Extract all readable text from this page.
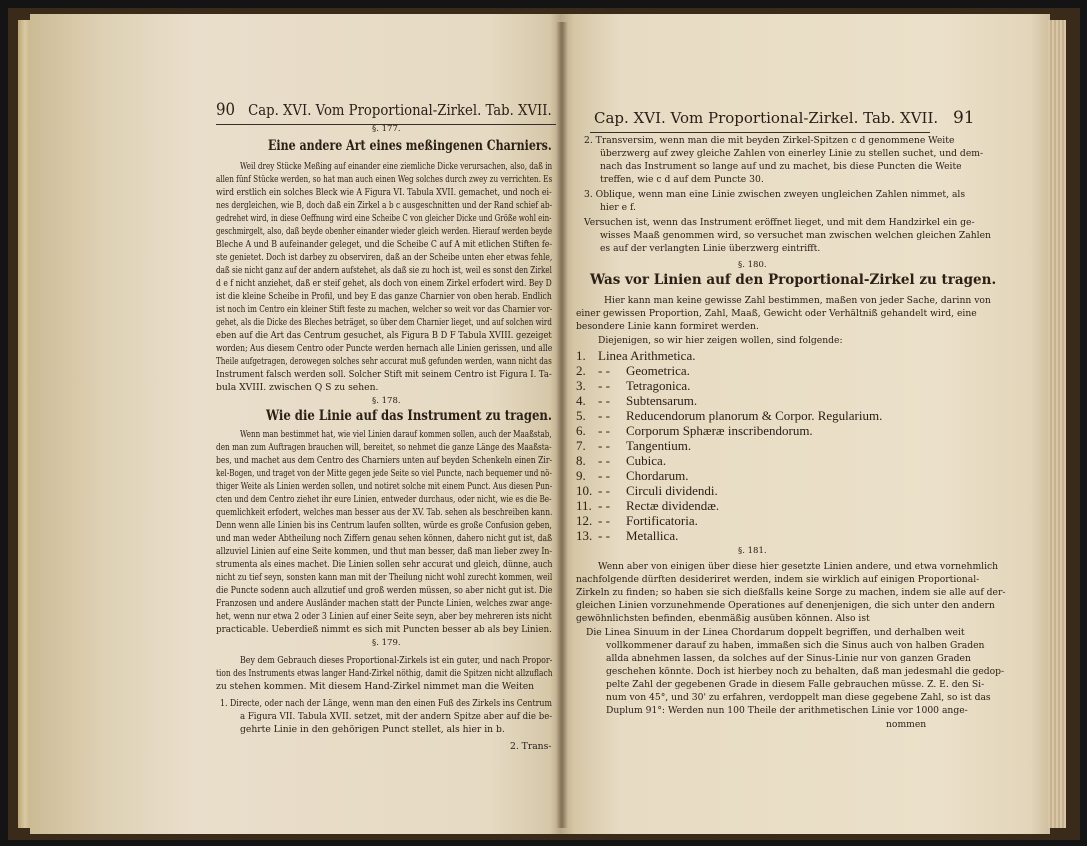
90 Cap. XVI. Vom Proportional-Zirkel. Tab. XVII.
§. 177.
Eine andere Art eines meßingenen Charniers.
Weil drey Stücke Meßing auf einander eine ziemliche Dicke verursachen, also, daß in
allen fünf Stücke werden, so hat man auch einen Weg solches durch zwey zu verrichten. Es
wird erstlich ein solches Bleck wie A Figura VI. Tabula XVII. gemachet, und noch ei-
nes dergleichen, wie B, doch daß ein Zirkel a b c ausgeschnitten und der Rand schief ab-
gedrehet wird, in diese Oeffnung wird eine Scheibe C von gleicher Dicke und Größe wohl ein-
geschmirgelt, also, daß beyde obenher einander wieder gleich werden. Hierauf werden beyde
Bleche A und B aufeinander geleget, und die Scheibe C auf A mit etlichen Stiften fe-
ste genietet. Doch ist darbey zu observiren, daß an der Scheibe unten eher etwas fehle,
daß sie nicht ganz auf der andern aufstehet, als daß sie zu hoch ist, weil es sonst den Zirkel
d e f nicht anziehet, daß er steif gehet, als doch von einem Zirkel erfodert wird. Bey D
ist die kleine Scheibe in Profil, und bey E das ganze Charnier von oben herab. Endlich
ist noch im Centro ein kleiner Stift feste zu machen, welcher so weit vor das Charnier vor-
gehet, als die Dicke des Bleches beträget, so über dem Charnier lieget, und auf solchen wird
eben auf die Art das Centrum gesuchet, als Figura B D F Tabula XVIII. gezeiget
worden; Aus diesem Centro oder Puncte werden hernach alle Linien gerissen, und alle
Theile aufgetragen, derowegen solches sehr accurat muß gefunden werden, wann nicht das
Instrument falsch werden soll. Solcher Stift mit seinem Centro ist Figura I. Ta-
bula XVIII. zwischen Q S zu sehen.
§. 178.
Wie die Linie auf das Instrument zu tragen.
Wenn man bestimmet hat, wie viel Linien darauf kommen sollen, auch der Maaßstab,
den man zum Auftragen brauchen will, bereitet, so nehmet die ganze Länge des Maaßsta-
bes, und machet aus dem Centro des Charniers unten auf beyden Schenkeln einen Zir-
kel-Bogen, und traget von der Mitte gegen jede Seite so viel Puncte, nach bequemer und nö-
thiger Weite als Linien werden sollen, und notiret solche mit einem Punct. Aus diesen Pun-
cten und dem Centro ziehet ihr eure Linien, entweder durchaus, oder nicht, wie es die Be-
quemlichkeit erfodert, welches man besser aus der XV. Tab. sehen als beschreiben kann.
Denn wenn alle Linien bis ins Centrum laufen sollten, würde es große Confusion geben,
und man weder Abtheilung noch Ziffern genau sehen können, dahero nicht gut ist, daß
allzuviel Linien auf eine Seite kommen, und thut man besser, daß man lieber zwey In-
strumenta als eines machet. Die Linien sollen sehr accurat und gleich, dünne, auch
nicht zu tief seyn, sonsten kann man mit der Theilung nicht wohl zurecht kommen, weil
die Puncte sodenn auch allzutief und groß werden müssen, so aber nicht gut ist. Die
Franzosen und andere Ausländer machen statt der Puncte Linien, welches zwar ange-
het, wenn nur etwa 2 oder 3 Linien auf einer Seite seyn, aber bey mehreren ists nicht
practicable. Ueberdieß nimmt es sich mit Puncten besser ab als bey Linien.
§. 179.
Bey dem Gebrauch dieses Proportional-Zirkels ist ein guter, und nach Propor-
tion des Instruments etwas langer Hand-Zirkel nöthig, damit die Spitzen nicht allzuflach
zu stehen kommen. Mit diesem Hand-Zirkel nimmet man die Weiten
1. Directe, oder nach der Länge, wenn man den einen Fuß des Zirkels ins Centrum
a Figura VII. Tabula XVII. setzet, mit der andern Spitze aber auf die be-
gehrte Linie in den gehörigen Punct stellet, als hier in b.
2. Trans-
Cap. XVI. Vom Proportional-Zirkel. Tab. XVII. 91
2. Transversim, wenn man die mit beyden Zirkel-Spitzen c d genommene Weite
überzwerg auf zwey gleiche Zahlen von einerley Linie zu stellen suchet, und dem-
nach das Instrument so lange auf und zu machet, bis diese Puncten die Weite
treffen, wie c d auf dem Puncte 30.
3. Oblique, wenn man eine Linie zwischen zweyen ungleichen Zahlen nimmet, als
hier e f.
Versuchen ist, wenn das Instrument eröffnet lieget, und mit dem Handzirkel ein ge-
wisses Maaß genommen wird, so versuchet man zwischen welchen gleichen Zahlen
es auf der verlangten Linie überzwerg eintrifft.
§. 180.
Was vor Linien auf den Proportional-Zirkel zu tragen.
Hier kann man keine gewisse Zahl bestimmen, maßen von jeder Sache, darinn von
einer gewissen Proportion, Zahl, Maaß, Gewicht oder Verhältniß gehandelt wird, eine
besondere Linie kann formiret werden.
Diejenigen, so wir hier zeigen wollen, sind folgende:
1. Linea Arithmetica.
2. - - Geometrica.
3. - - Tetragonica.
4. - - Subtensarum.
5. - - Reducendorum planorum & Corpor. Regularium.
6. - - Corporum Sphæræ inscribendorum.
7. - - Tangentium.
8. - - Cubica.
9. - - Chordarum.
10. - - Circuli dividendi.
11. - - Rectæ dividendæ.
12. - - Fortificatoria.
13. - - Metallica.
§. 181.
Wenn aber von einigen über diese hier gesetzte Linien andere, und etwa vornehmlich
nachfolgende dürften desideriret werden, indem sie wirklich auf einigen Proportional-
Zirkeln zu finden; so haben sie sich dießfalls keine Sorge zu machen, indem sie alle auf der-
gleichen Linien vorzunehmende Operationes auf denenjenigen, die sich unter den andern
gewöhnlichsten befinden, ebenmäßig ausüben können. Also ist
Die Linea Sinuum in der Linea Chordarum doppelt begriffen, und derhalben weit
vollkommener darauf zu haben, immaßen sich die Sinus auch von halben Graden
allda abnehmen lassen, da solches auf der Sinus-Linie nur von ganzen Graden
geschehen könnte. Doch ist hierbey noch zu behalten, daß man jedesmahl die gedop-
pelte Zahl der gegebenen Grade in diesem Falle gebrauchen müsse. Z. E. den Si-
num von 45°, und 30' zu erfahren, verdoppelt man diese gegebene Zahl, so ist das
Duplum 91°: Werden nun 100 Theile der arithmetischen Linie vor 1000 ange-
nommen
